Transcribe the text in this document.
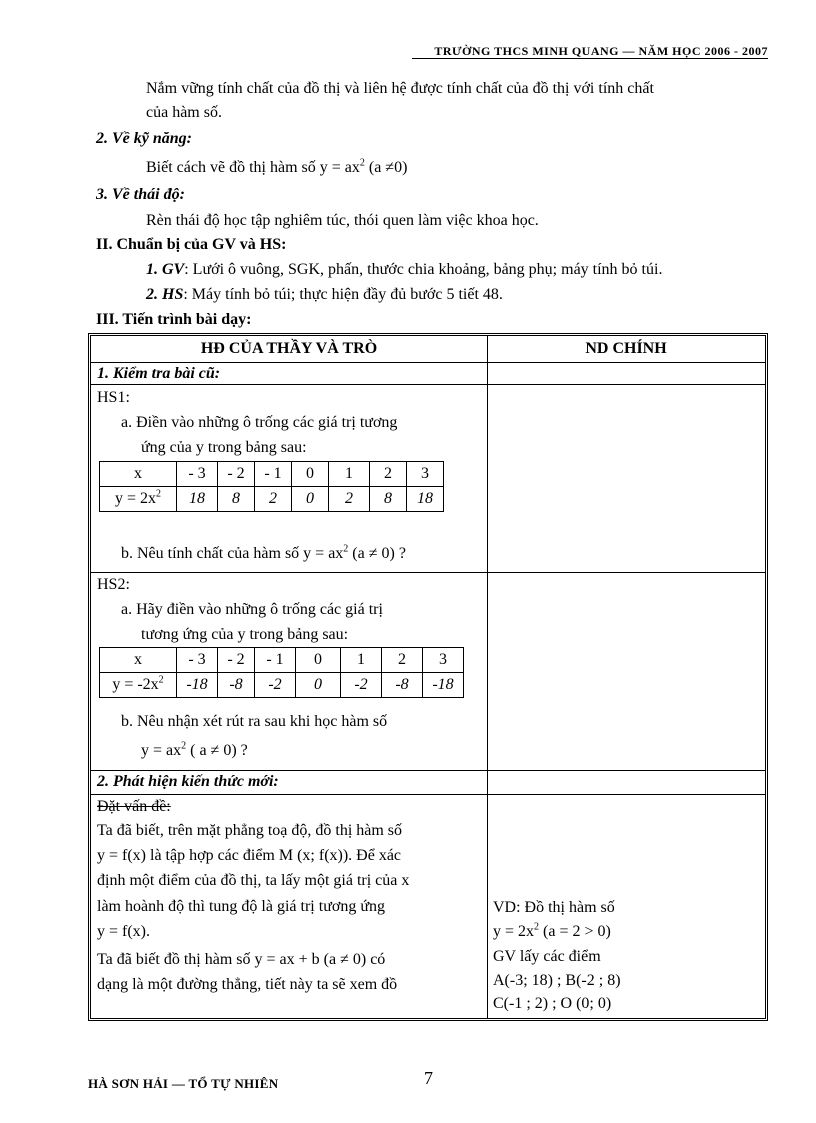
TRƯỜNG THCS MINH QUANG — NĂM HỌC 2006 - 2007
Nắm vững tính chất của đồ thị và liên hệ được tính chất của đồ thị với tính chất
của hàm số.
2. Về kỹ năng:
Biết cách vẽ đồ thị hàm số $y = ax^2$ (a ≠0)
3. Về thái độ:
Rèn thái độ học tập nghiêm túc, thói quen làm việc khoa học.
II. Chuẩn bị của GV và HS:
1. GV: Lưới ô vuông, SGK, phấn, thước chia khoảng, bảng phụ; máy tính bỏ túi.
2. HS: Máy tính bỏ túi; thực hiện đầy đủ bước 5 tiết 48.
III. Tiến trình bài dạy:
HĐ CỦA THẦY VÀ TRÒ	ND CHÍNH
1. Kiểm tra bài cũ:
HS1:
a. Điền vào những ô trống các giá trị tương
ứng của y trong bảng sau:
x	- 3	- 2	- 1	0	1	2	3
$y = 2x^2$	18	8	2	0	2	8	18
b. Nêu tính chất của hàm số $y = ax^2$ (a ≠ 0) ?
HS2:
a. Hãy điền vào những ô trống các giá trị
tương ứng của y trong bảng sau:
x	- 3	- 2	- 1	0	1	2	3
$y = -2x^2$	-18	-8	-2	0	-2	-8	-18
b. Nêu nhận xét rút ra sau khi học hàm số
$y = ax^2$ ( a ≠ 0) ?
2. Phát hiện kiến thức mới:
Đặt vấn đề:
Ta đã biết, trên mặt phẳng toạ độ, đồ thị hàm số
y = f(x) là tập hợp các điểm M (x; f(x)). Để xác
định một điểm của đồ thị, ta lấy một giá trị của x
làm hoành độ thì tung độ là giá trị tương ứng
y = f(x).
Ta đã biết đồ thị hàm số y = ax + b (a ≠ 0) có
dạng là một đường thẳng, tiết này ta sẽ xem đồ
VD: Đồ thị hàm số
$y = 2x^2$ (a = 2 > 0)
GV lấy các điểm
A(-3; 18) ; B(-2 ; 8)
C(-1 ; 2) ; O (0; 0)
HÀ SƠN HẢI — TỔ TỰ NHIÊN	7
